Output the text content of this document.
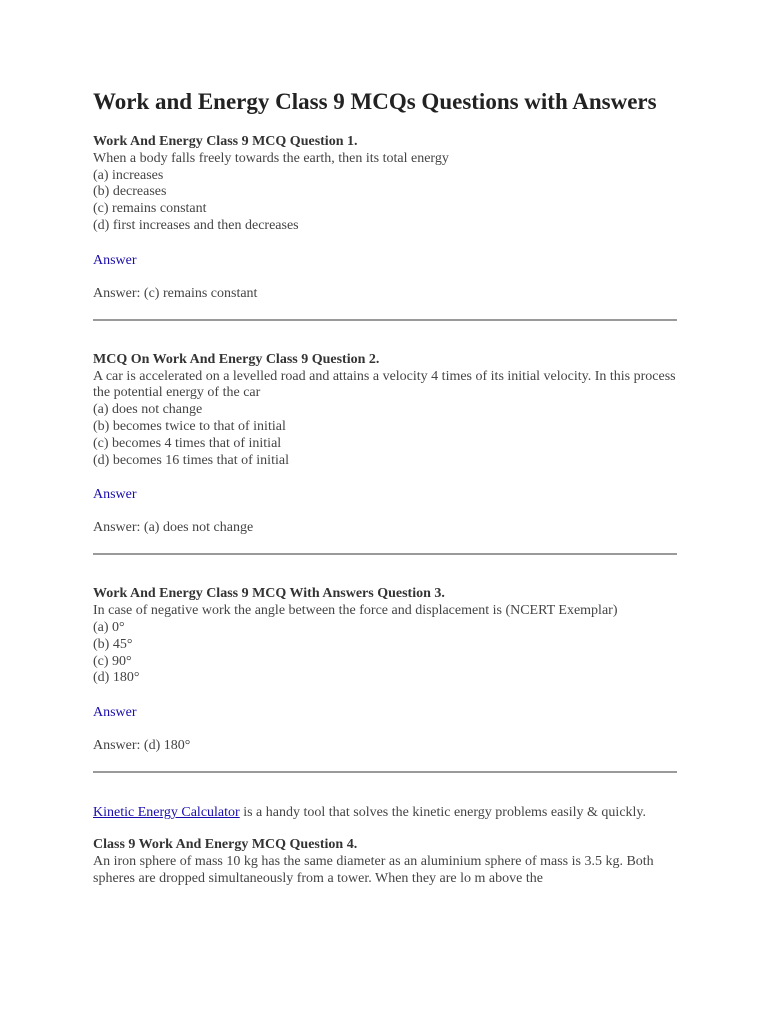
Work and Energy Class 9 MCQs Questions with Answers
Work And Energy Class 9 MCQ Question 1.
When a body falls freely towards the earth, then its total energy
(a) increases
(b) decreases
(c) remains constant
(d) first increases and then decreases
Answer
Answer: (c) remains constant
MCQ On Work And Energy Class 9 Question 2.
A car is accelerated on a levelled road and attains a velocity 4 times of its initial velocity. In this process the potential energy of the car
(a) does not change
(b) becomes twice to that of initial
(c) becomes 4 times that of initial
(d) becomes 16 times that of initial
Answer
Answer: (a) does not change
Work And Energy Class 9 MCQ With Answers Question 3.
In case of negative work the angle between the force and displacement is (NCERT Exemplar)
(a) 0°
(b) 45°
(c) 90°
(d) 180°
Answer
Answer: (d) 180°
Kinetic Energy Calculator is a handy tool that solves the kinetic energy problems easily & quickly.
Class 9 Work And Energy MCQ Question 4.
An iron sphere of mass 10 kg has the same diameter as an aluminium sphere of mass is 3.5 kg. Both spheres are dropped simultaneously from a tower. When they are lo m above the
